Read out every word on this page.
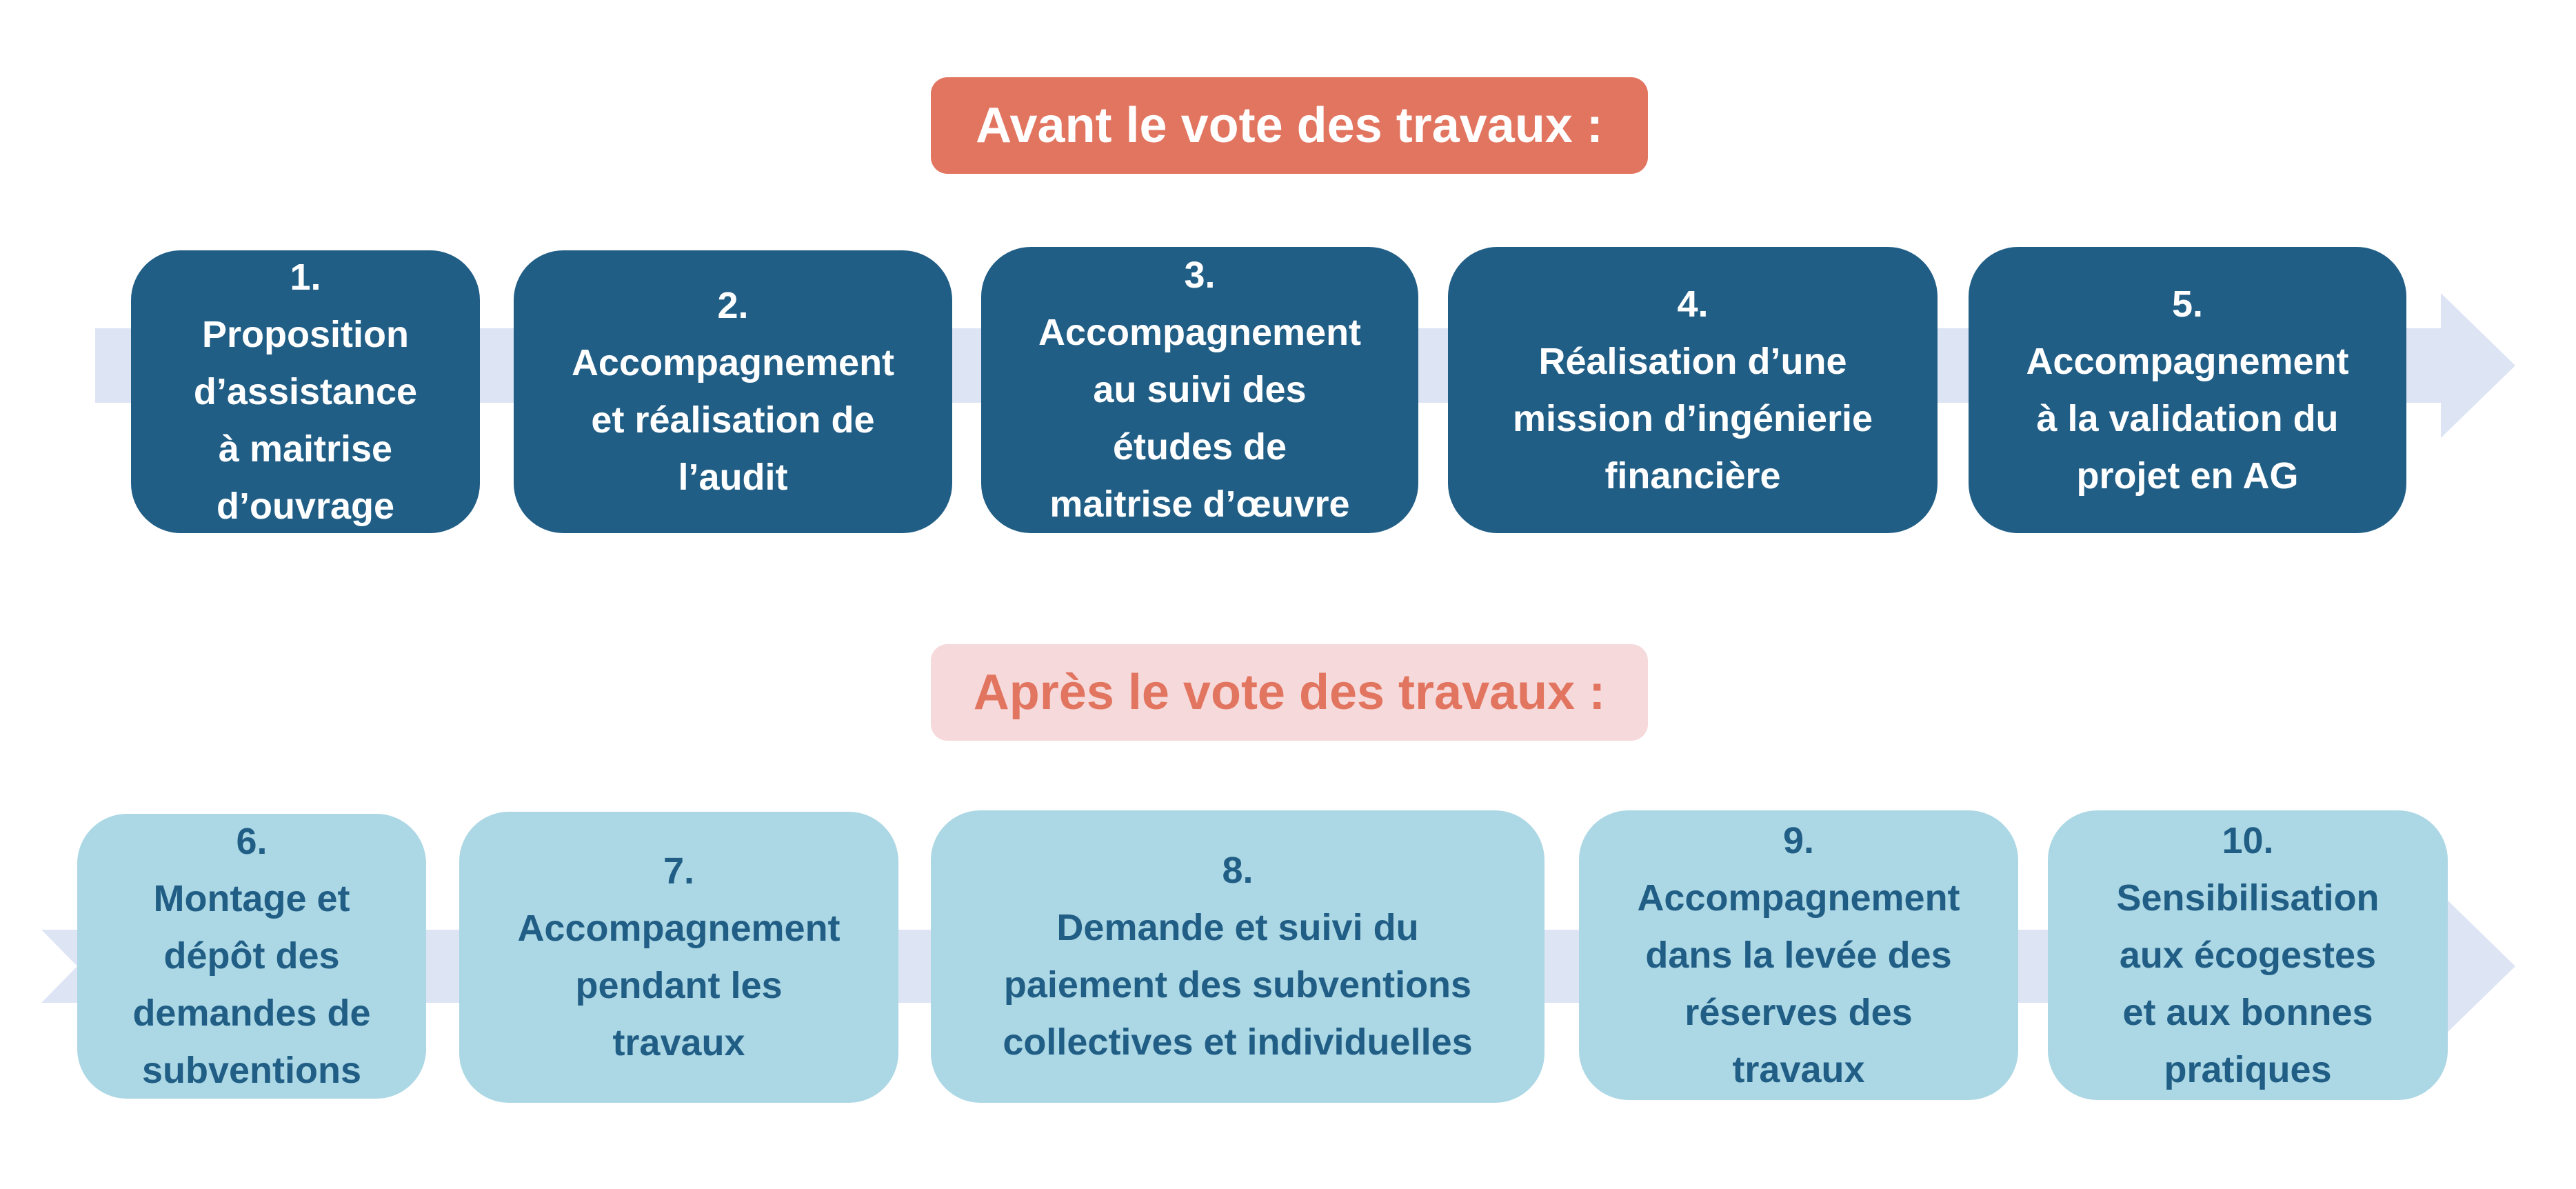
Avant le vote des travaux :
Après le vote des travaux :
1.
Proposition
d’assistance
à maitrise
d’ouvrage
2.
Accompagnement
et réalisation de
l’audit
3.
Accompagnement
au suivi des
études de
maitrise d’œuvre
4.
Réalisation d’une
mission d’ingénierie
financière
5.
Accompagnement
à la validation du
projet en AG
6.
Montage et
dépôt des
demandes de
subventions
7.
Accompagnement
pendant les
travaux
8.
Demande et suivi du
paiement des subventions
collectives et individuelles
9.
Accompagnement
dans la levée des
réserves des
travaux
10.
Sensibilisation
aux écogestes
et aux bonnes
pratiques
